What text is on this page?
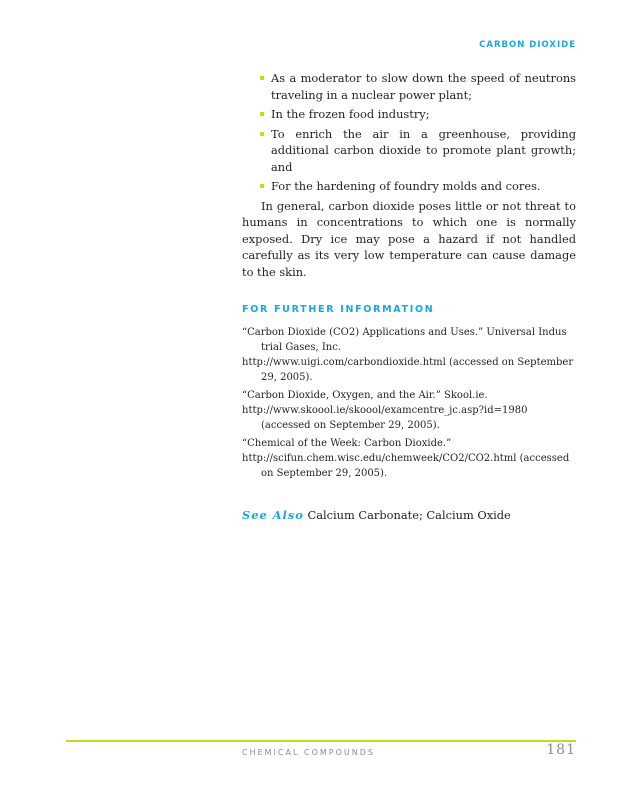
CARBON DIOXIDE
As a moderator to slow down the speed of neutrons traveling in a nuclear power plant;
In the frozen food industry;
To enrich the air in a greenhouse, providing additional carbon dioxide to promote plant growth; and
For the hardening of foundry molds and cores.

In general, carbon dioxide poses little or not threat to humans in concentrations to which one is normally exposed. Dry ice may pose a hazard if not handled carefully as its very low temperature can cause damage to the skin.

FOR FURTHER INFORMATION
“Carbon Dioxide (CO2) Applications and Uses.” Universal Indus trial Gases, Inc.
http://www.uigi.com/carbondioxide.html (accessed on September 29, 2005).
“Carbon Dioxide, Oxygen, and the Air.” Skool.ie.
http://www.skoool.ie/skoool/examcentre_jc.asp?id=1980 (accessed on September 29, 2005).
“Chemical of the Week: Carbon Dioxide.”
http://scifun.chem.wisc.edu/chemweek/CO2/CO2.html (accessed on September 29, 2005).
See Also Calcium Carbonate; Calcium Oxide
CHEMICAL COMPOUNDS	181
